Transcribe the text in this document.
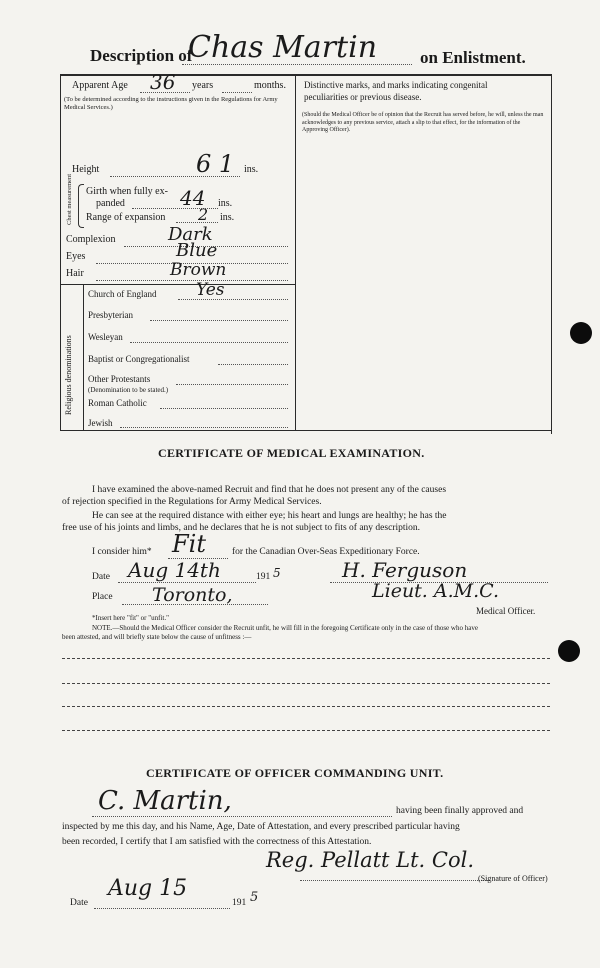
Description of
Chas Martin	on Enlistment.
Apparent Age 36 years	months.
(To be determined according to the instructions given in the Regulations for Army Medical Services.)
Height	6 1 ins.
Chest measurement Girth when fully ex-
panded	44 ins.
Range of expansion 2 ins.
Complexion	Dark
Eyes	Blue
Hair	Brown
Religious denominations
Church of England Yes
Presbyterian
Wesleyan
Baptist or Congregationalist
Other Protestants
(Denomination to be stated.)
Roman Catholic
Jewish
Distinctive marks, and marks indicating congenital
peculiarities or previous disease.
(Should the Medical Officer be of opinion that the Recruit has served before, he will, unless the man acknowledges to any previous service, attach a slip to that effect, for the information of the Approving Officer).
CERTIFICATE OF MEDICAL EXAMINATION.
I have examined the above-named Recruit and find that he does not present any of the causes
of rejection specified in the Regulations for Army Medical Services.
He can see at the required distance with either eye; his heart and lungs are healthy; he has the
free use of his joints and limbs, and he declares that he is not subject to fits of any description.
I consider him* Fit	for the Canadian Over-Seas Expeditionary Force.
Date Aug 14th	191 5	H. Ferguson
Place Toronto,	Lieut. A.M.C.
Medical Officer.
*Insert here "fit" or "unfit."
NOTE.—Should the Medical Officer consider the Recruit unfit, he will fill in the foregoing Certificate only in the case of those who have
been attested, and will briefly state below the cause of unfitness :—
CERTIFICATE OF OFFICER COMMANDING UNIT.
C. Martin,	having been finally approved and
inspected by me this day, and his Name, Age, Date of Attestation, and every prescribed particular having
been recorded, I certify that I am satisfied with the correctness of this Attestation.
Reg. Pellatt Lt. Col.
(Signature of Officer)
Date
Aug 15
191 5
